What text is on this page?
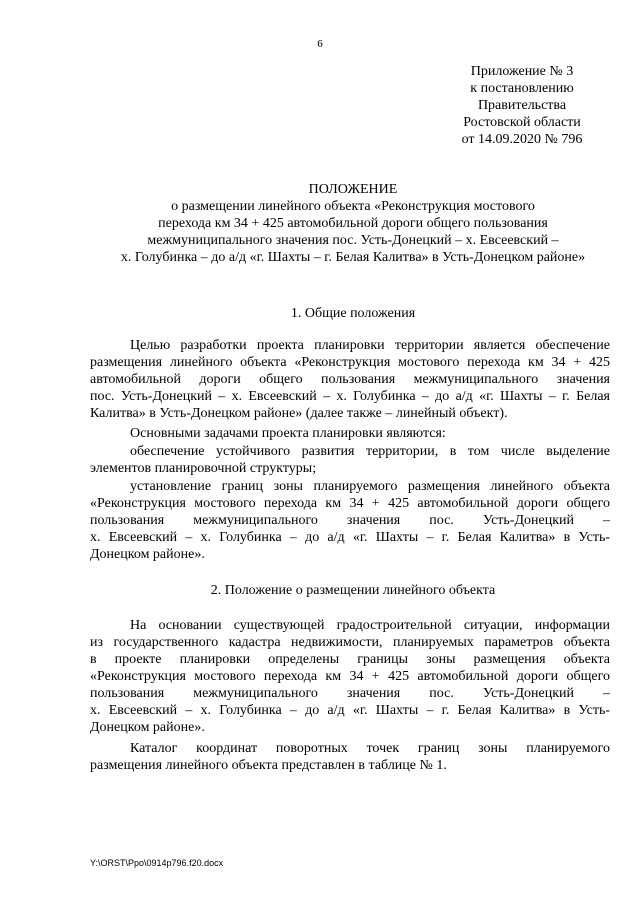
6
Приложение № 3
к постановлению
Правительства
Ростовской области
от 14.09.2020 № 796
ПОЛОЖЕНИЕ
о размещении линейного объекта «Реконструкция мостового
перехода км 34 + 425 автомобильной дороги общего пользования
межмуниципального значения пос. Усть-Донецкий – х. Евсеевский –
х. Голубинка – до а/д «г. Шахты – г. Белая Калитва» в Усть-Донецком районе»
1. Общие положения
Целью разработки проекта планировки территории является обеспечение
размещения линейного объекта «Реконструкция мостового перехода км 34 + 425
автомобильной дороги общего пользования межмуниципального значения
пос. Усть-Донецкий – х. Евсеевский – х. Голубинка – до а/д «г. Шахты – г. Белая
Калитва» в Усть-Донецком районе» (далее также – линейный объект).
Основными задачами проекта планировки являются:
обеспечение устойчивого развития территории, в том числе выделение
элементов планировочной структуры;
установление границ зоны планируемого размещения линейного объекта
«Реконструкция мостового перехода км 34 + 425 автомобильной дороги общего
пользования межмуниципального значения пос. Усть-Донецкий –
х. Евсеевский – х. Голубинка – до а/д «г. Шахты – г. Белая Калитва» в Усть-
Донецком районе».
2. Положение о размещении линейного объекта
На основании существующей градостроительной ситуации, информации
из государственного кадастра недвижимости, планируемых параметров объекта
в проекте планировки определены границы зоны размещения объекта
«Реконструкция мостового перехода км 34 + 425 автомобильной дороги общего
пользования межмуниципального значения пос. Усть-Донецкий –
х. Евсеевский – х. Голубинка – до а/д «г. Шахты – г. Белая Калитва» в Усть-
Донецком районе».
Каталог координат поворотных точек границ зоны планируемого
размещения линейного объекта представлен в таблице № 1.
Y:\ORST\Ppo\0914p796.f20.docx
